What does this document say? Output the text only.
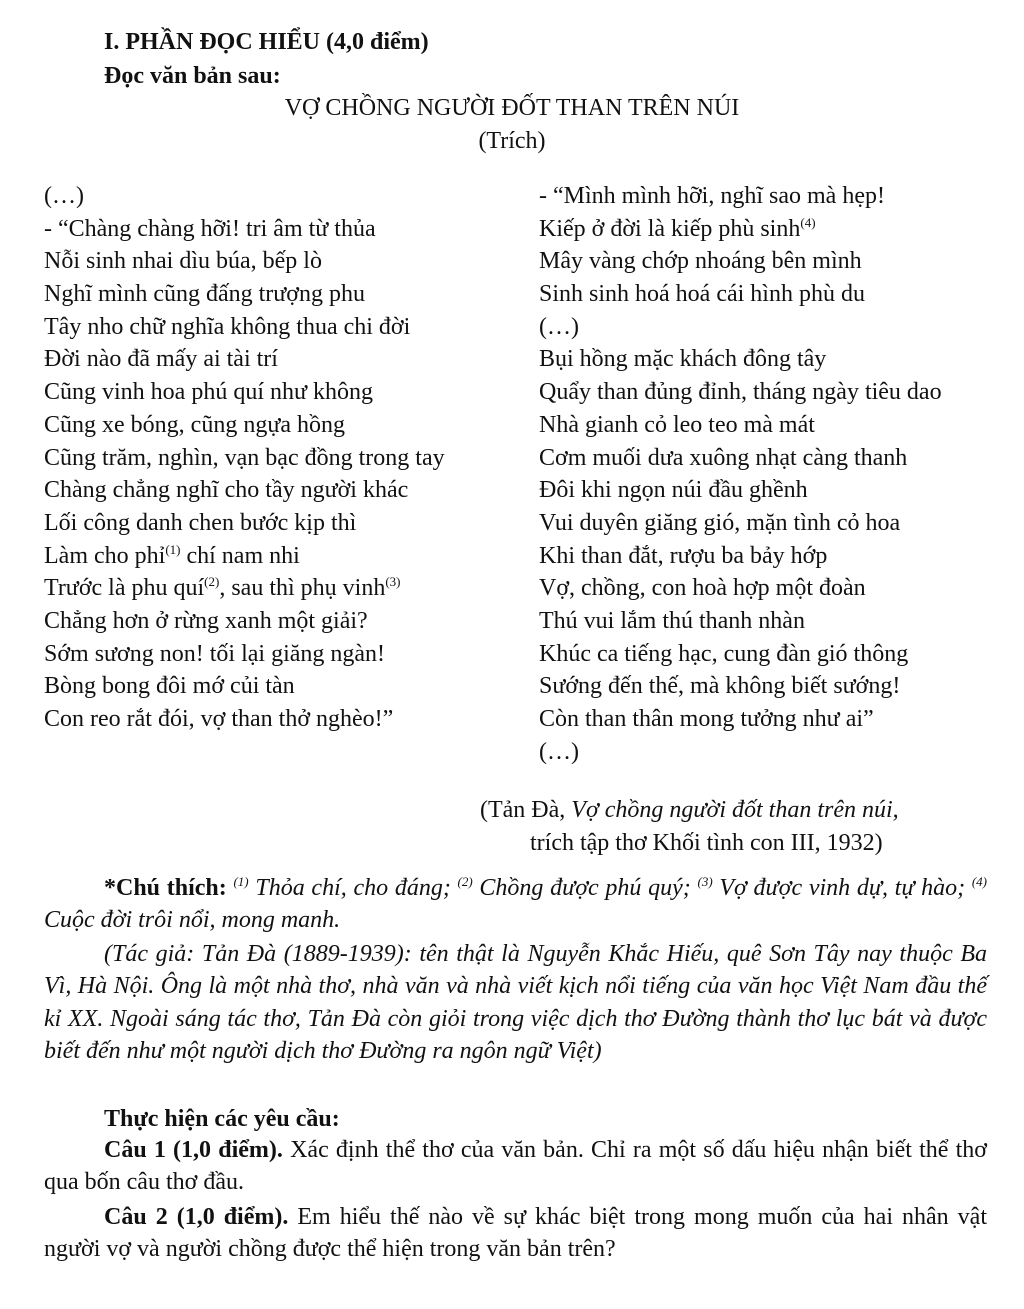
I. PHẦN ĐỌC HIỂU (4,0 điểm)
Đọc văn bản sau:
VỢ CHỒNG NGƯỜI ĐỐT THAN TRÊN NÚI
(Trích)
(…)
- “Chàng chàng hỡi! tri âm từ thủa
Nỗi sinh nhai dìu búa, bếp lò
Nghĩ mình cũng đấng trượng phu
Tây nho chữ nghĩa không thua chi đời
Đời nào đã mấy ai tài trí
Cũng vinh hoa phú quí như không
Cũng xe bóng, cũng ngựa hồng
Cũng trăm, nghìn, vạn bạc đồng trong tay
Chàng chẳng nghĩ cho tầy người khác
Lối công danh chen bước kịp thì
Làm cho phỉ$^{(1)}$ chí nam nhi
Trước là phu quí$^{(2)}$, sau thì phụ vinh$^{(3)}$
Chẳng hơn ở rừng xanh một giải?
Sớm sương non! tối lại giăng ngàn!
Bòng bong đôi mớ củi tàn
Con reo rắt đói, vợ than thở nghèo!”
- “Mình mình hỡi, nghĩ sao mà hẹp!
Kiếp ở đời là kiếp phù $\sinh^{(4)}$
Mây vàng chớp nhoáng bên mình
Sinh sinh hoá hoá cái hình phù du
(…)
Bụi hồng mặc khách đông tây
Quẩy than đủng đỉnh, tháng ngày tiêu dao
Nhà gianh cỏ leo teo mà mát
Cơm muối dưa xuông nhạt càng thanh
Đôi khi ngọn núi đầu ghềnh
Vui duyên giăng gió, mặn tình cỏ hoa
Khi than đắt, rượu ba bảy hớp
Vợ, chồng, con hoà hợp một đoàn
Thú vui lắm thú thanh nhàn
Khúc ca tiếng hạc, cung đàn gió thông
Sướng đến thế, mà không biết sướng!
Còn than thân mong tưởng như ai”
(…)
(Tản Đà, Vợ chồng người đốt than trên núi,
trích tập thơ Khối tình con III, 1932)
*Chú thích: $^{(1)}$ Thỏa chí, cho đáng; $^{(2)}$ Chồng được phú quý; $^{(3)}$ Vợ được vinh dự, tự hào; $^{(4)}$ Cuộc đời trôi nổi, mong manh.
(Tác giả: Tản Đà (1889-1939): tên thật là Nguyễn Khắc Hiếu, quê Sơn Tây nay thuộc Ba Vì, Hà Nội. Ông là một nhà thơ, nhà văn và nhà viết kịch nổi tiếng của văn học Việt Nam đầu thế kỉ XX. Ngoài sáng tác thơ, Tản Đà còn giỏi trong việc dịch thơ Đường thành thơ lục bát và được biết đến như một người dịch thơ Đường ra ngôn ngữ Việt)
Thực hiện các yêu cầu:
Câu 1 (1,0 điểm). Xác định thể thơ của văn bản. Chỉ ra một số dấu hiệu nhận biết thể thơ qua bốn câu thơ đầu.
Câu 2 (1,0 điểm). Em hiểu thế nào về sự khác biệt trong mong muốn của hai nhân vật người vợ và người chồng được thể hiện trong văn bản trên?
